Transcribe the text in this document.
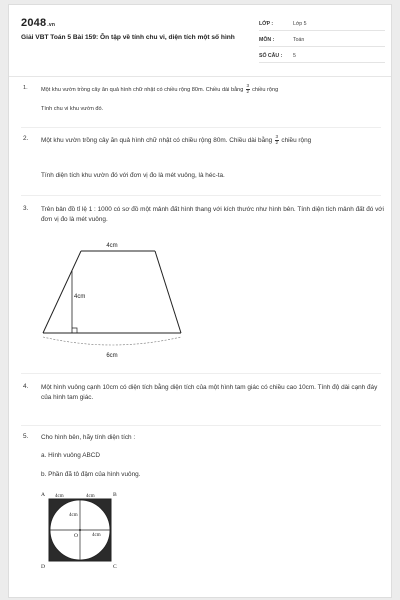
2048.vn
Giải VBT Toán 5 Bài 159: Ôn tập về tính chu vi, diện tích một số hình
LỚP :	Lớp 5
MÔN :	Toán
SỐ CÂU : 5
1. Một khu vườn trồng cây ăn quả hình chữ nhật có chiều rộng 80m. Chiều dài bằng $\frac{3}{2}$ chiều rộng
Tính chu vi khu vườn đó.
2. Một khu vườn trồng cây ăn quả hình chữ nhật có chiều rộng 80m. Chiều dài bằng $\frac{3}{2}$ chiều rộng
Tính diện tích khu vườn đó với đơn vị đo là mét vuông, là héc-ta.
3. Trên bản đồ tỉ lệ 1 : 1000 có sơ đồ một mảnh đất hình thang với kích thước như hình bên. Tính diện tích mảnh đất đó với đơn vị đo là mét vuông.
4cm
4cm
6cm
4. Một hình vuông cạnh 10cm có diện tích bằng diện tích của một hình tam giác có chiều cao 10cm. Tính độ dài cạnh đáy của hình tam giác.
5. Cho hình bên, hãy tính diện tích :
a. Hình vuông ABCD
b. Phần đã tô đậm của hình vuông.
A	B
C
D
O
4cm	4cm
4cm
4cm
